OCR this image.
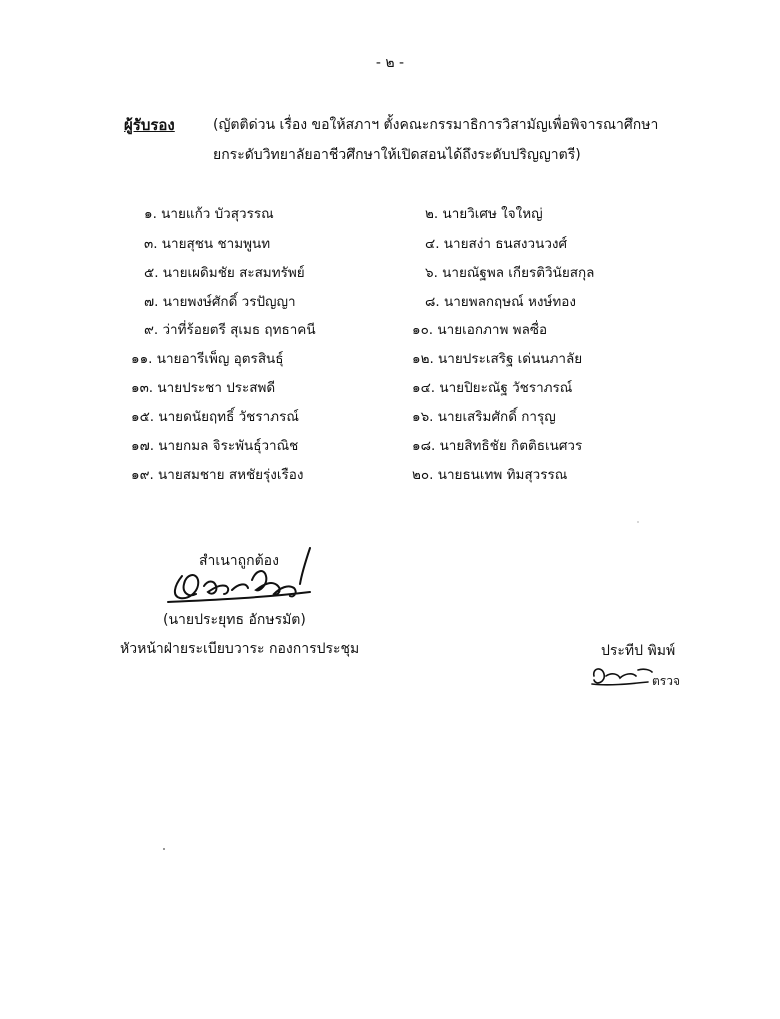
- ๒ -
ผู้รับรอง	(ญัตติด่วน เรื่อง ขอให้สภาฯ ตั้งคณะกรรมาธิการวิสามัญเพื่อพิจารณาศึกษา
ยกระดับวิทยาลัยอาชีวศึกษาให้เปิดสอนได้ถึงระดับปริญญาตรี)
๑. นายแก้ว บัวสุวรรณ
๓. นายสุชน ชามพูนท
๕. นายเผดิมชัย สะสมทรัพย์
๗. นายพงษ์ศักดิ์ วรปัญญา
๙. ว่าที่ร้อยตรี สุเมธ ฤทธาคนี
๑๑. นายอารีเพ็ญ อุตรสินธุ์
๑๓. นายประชา ประสพดี
๑๕. นายดนัยฤทธิ์ วัชราภรณ์
๑๗. นายกมล จิระพันธุ์วาณิช
๑๙. นายสมชาย สหชัยรุ่งเรือง
๒. นายวิเศษ ใจใหญ่
๔. นายสง่า ธนสงวนวงศ์
๖. นายณัฐพล เกียรติวินัยสกุล
๘. นายพลกฤษณ์ หงษ์ทอง
๑๐. นายเอกภาพ พลซื่อ
๑๒. นายประเสริฐ เด่นนภาลัย
๑๔. นายปิยะณัฐ วัชราภรณ์
๑๖. นายเสริมศักดิ์ การุญ
๑๘. นายสิทธิชัย กิตติธเนศวร
๒๐. นายธนเทพ ทิมสุวรรณ
สำเนาถูกต้อง
(นายประยุทธ อักษรมัต)
หัวหน้าฝ่ายระเบียบวาระ กองการประชุม	ประทีป พิมพ์
ตรวจ
